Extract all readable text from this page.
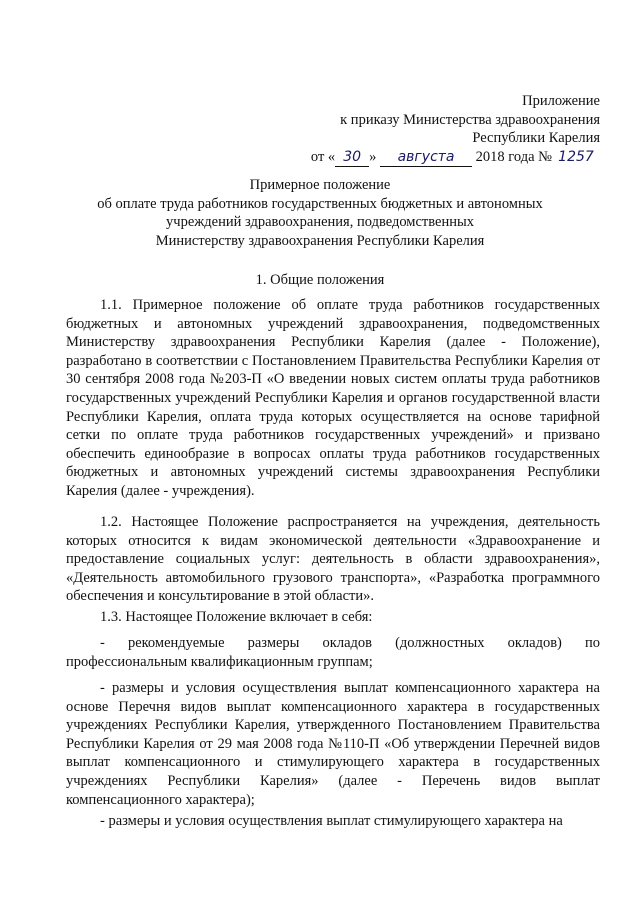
Приложение
к приказу Министерства здравоохранения
Республики Карелия
от « 30 » августа 2018 года № 1257
Примерное положение
об оплате труда работников государственных бюджетных и автономных
учреждений здравоохранения, подведомственных
Министерству здравоохранения Республики Карелия
1. Общие положения

1.1. Примерное положение об оплате труда работников государственных бюджетных и автономных учреждений здравоохранения, подведомственных Министерству здравоохранения Республики Карелия (далее - Положение), разработано в соответствии с Постановлением Правительства Республики Карелия от 30 сентября 2008 года №203-П «О введении новых систем оплаты труда работников государственных учреждений Республики Карелия и органов государственной власти Республики Карелия, оплата труда которых осуществляется на основе тарифной сетки по оплате труда работников государственных учреждений» и призвано обеспечить единообразие в вопросах оплаты труда работников государственных бюджетных и автономных учреждений системы здравоохранения Республики Карелия (далее - учреждения).

1.2. Настоящее Положение распространяется на учреждения, деятельность которых относится к видам экономической деятельности «Здравоохранение и предоставление социальных услуг: деятельность в области здравоохранения», «Деятельность автомобильного грузового транспорта», «Разработка программного обеспечения и консультирование в этой области».

1.3. Настоящее Положение включает в себя:

- рекомендуемые размеры окладов (должностных окладов) по профессиональным квалификационным группам;

- размеры и условия осуществления выплат компенсационного характера на основе Перечня видов выплат компенсационного характера в государственных учреждениях Республики Карелия, утвержденного Постановлением Правительства Республики Карелия от 29 мая 2008 года №110-П «Об утверждении Перечней видов выплат компенсационного и стимулирующего характера в государственных учреждениях Республики Карелия» (далее - Перечень видов выплат компенсационного характера);

- размеры и условия осуществления выплат стимулирующего характера на
